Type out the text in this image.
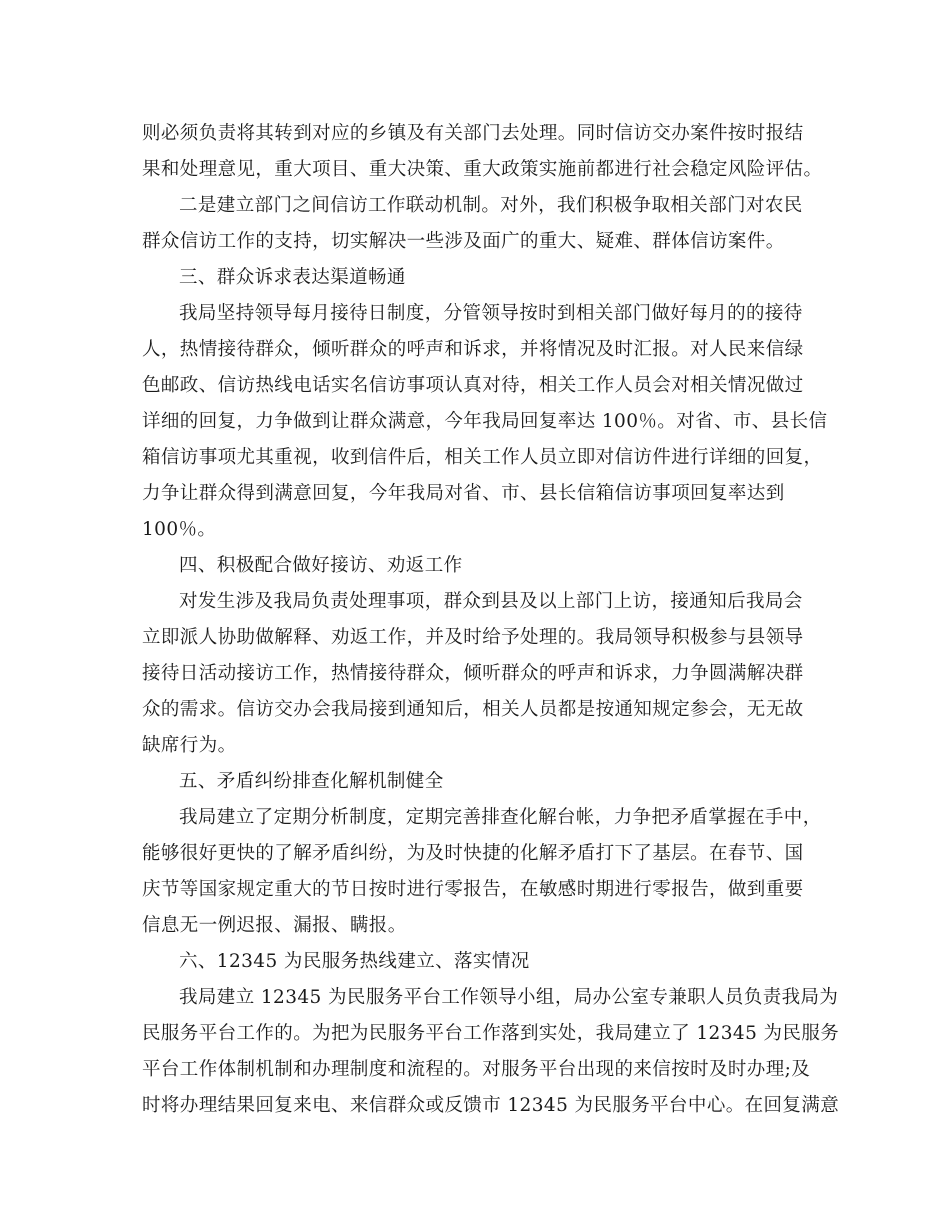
则必须负责将其转到对应的乡镇及有关部门去处理。同时信访交办案件按时报结
果和处理意见，重大项目、重大决策、重大政策实施前都进行社会稳定风险评估。
二是建立部门之间信访工作联动机制。对外，我们积极争取相关部门对农民
群众信访工作的支持，切实解决一些涉及面广的重大、疑难、群体信访案件。
三、群众诉求表达渠道畅通
我局坚持领导每月接待日制度，分管领导按时到相关部门做好每月的的接待
人，热情接待群众，倾听群众的呼声和诉求，并将情况及时汇报。对人民来信绿
色邮政、信访热线电话实名信访事项认真对待，相关工作人员会对相关情况做过
详细的回复，力争做到让群众满意，今年我局回复率达 100％。对省、市、县长信
箱信访事项尤其重视，收到信件后，相关工作人员立即对信访件进行详细的回复，
力争让群众得到满意回复，今年我局对省、市、县长信箱信访事项回复率达到
100％。
四、积极配合做好接访、劝返工作
对发生涉及我局负责处理事项，群众到县及以上部门上访，接通知后我局会
立即派人协助做解释、劝返工作，并及时给予处理的。我局领导积极参与县领导
接待日活动接访工作，热情接待群众，倾听群众的呼声和诉求，力争圆满解决群
众的需求。信访交办会我局接到通知后，相关人员都是按通知规定参会，无无故
缺席行为。
五、矛盾纠纷排查化解机制健全
我局建立了定期分析制度，定期完善排查化解台帐，力争把矛盾掌握在手中，
能够很好更快的了解矛盾纠纷，为及时快捷的化解矛盾打下了基层。在春节、国
庆节等国家规定重大的节日按时进行零报告，在敏感时期进行零报告，做到重要
信息无一例迟报、漏报、瞒报。
六、12345 为民服务热线建立、落实情况
我局建立 12345 为民服务平台工作领导小组，局办公室专兼职人员负责我局为
民服务平台工作的。为把为民服务平台工作落到实处，我局建立了 12345 为民服务
平台工作体制机制和办理制度和流程的。对服务平台出现的来信按时及时办理;及
时将办理结果回复来电、来信群众或反馈市 12345 为民服务平台中心。在回复满意
